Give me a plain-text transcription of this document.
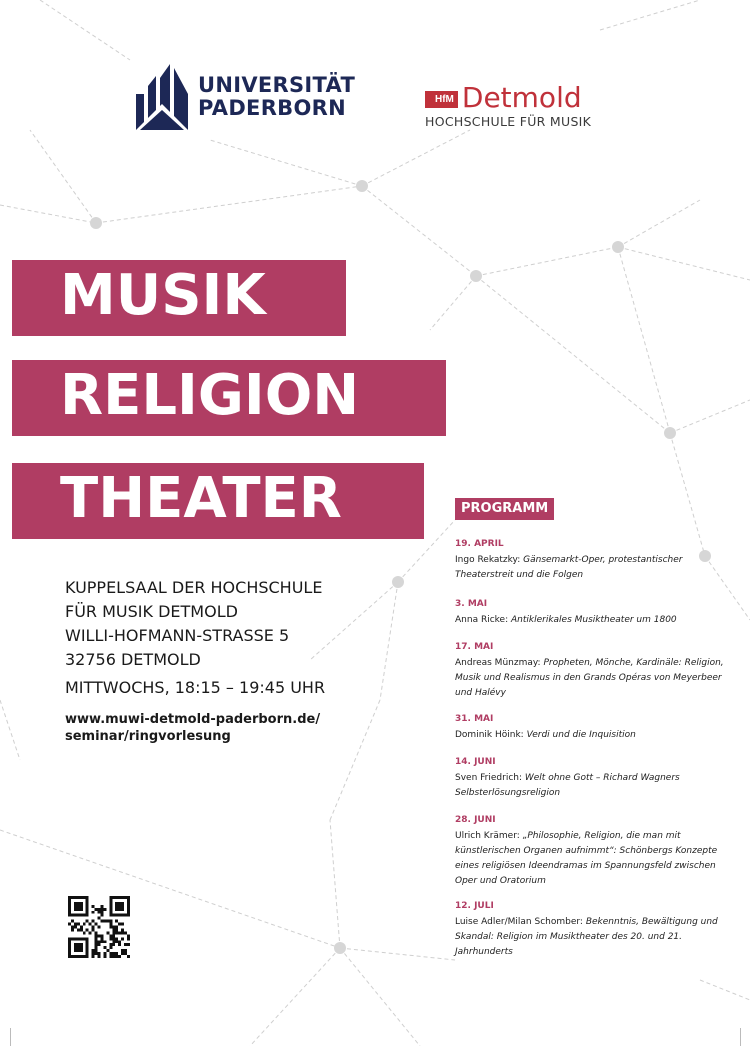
UNIVERSITÄT
PADERBORN	HfM Detmold
HOCHSCHULE FÜR MUSIK
MUSIK
RELIGION
THEATER
KUPPELSAAL DER HOCHSCHULE
FÜR MUSIK DETMOLD
WILLI-HOFMANN-STRASSE 5
32756 DETMOLD
MITTWOCHS, 18:15 – 19:45 UHR
www.muwi-detmold-paderborn.de/
seminar/ringvorlesung
PROGRAMM
19. APRIL
Ingo Rekatzky: Gänsemarkt-Oper, protestantischer Theaterstreit und die Folgen
3. MAI
Anna Ricke: Antiklerikales Musiktheater um 1800
17. MAI
Andreas Münzmay: Propheten, Mönche, Kardinäle: Religion, Musik und Realismus in den Grands Opéras von Meyerbeer und Halévy
31. MAI
Dominik Höink: Verdi und die Inquisition
14. JUNI
Sven Friedrich: Welt ohne Gott – Richard Wagners Selbsterlösungsreligion
28. JUNI
Ulrich Krämer: „Philosophie, Religion, die man mit künstlerischen Organen aufnimmt“: Schönbergs Konzepte eines religiösen Ideendramas im Spannungsfeld zwischen Oper und Oratorium
12. JULI
Luise Adler/Milan Schomber: Bekenntnis, Bewältigung und Skandal: Religion im Musiktheater des 20. und 21. Jahrhunderts
